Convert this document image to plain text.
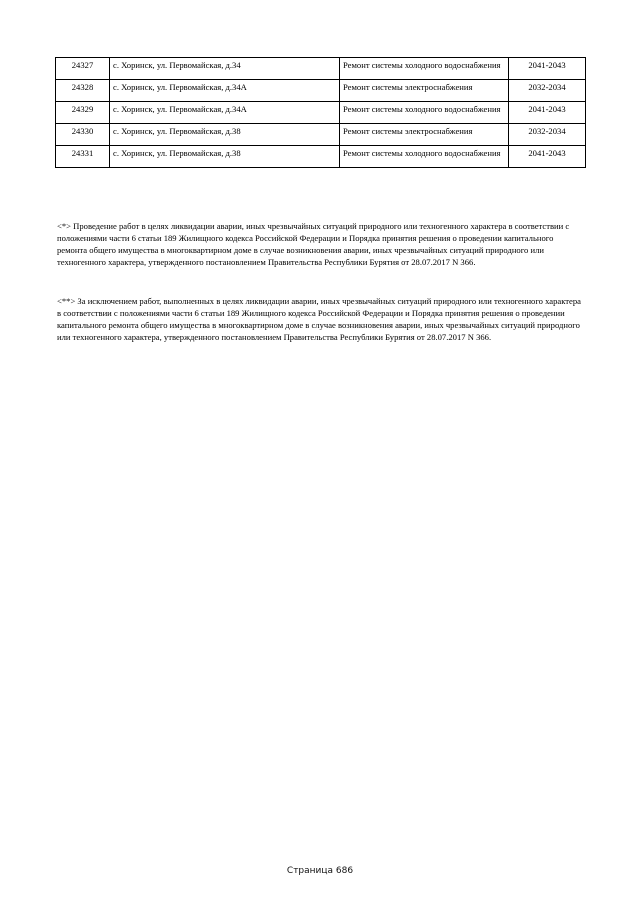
24327	с. Хоринск, ул. Первомайская, д.34	Ремонт системы холодного водоснабжения	2041-2043
24328	с. Хоринск, ул. Первомайская, д.34А	Ремонт системы электроснабжения	2032-2034
24329	с. Хоринск, ул. Первомайская, д.34А	Ремонт системы холодного водоснабжения	2041-2043
24330	с. Хоринск, ул. Первомайская, д.38	Ремонт системы электроснабжения	2032-2034
24331	с. Хоринск, ул. Первомайская, д.38	Ремонт системы холодного водоснабжения	2041-2043

<*> Проведение работ в целях ликвидации аварии, иных чрезвычайных ситуаций природного или техногенного характера в соответствии с положениями части 6 статьи 189 Жилищного кодекса Российской Федерации и Порядка принятия решения о проведении капитального ремонта общего имущества в многоквартирном доме в случае возникновения аварии, иных чрезвычайных ситуаций природного или техногенного характера, утвержденного постановлением Правительства Республики Бурятия от 28.07.2017 N 366.

<**> За исключением работ, выполненных в целях ликвидации аварии, иных чрезвычайных ситуаций природного или техногенного характера в соответствии с положениями части 6 статьи 189 Жилищного кодекса Российской Федерации и Порядка принятия решения о проведении капитального ремонта общего имущества в многоквартирном доме в случае возникновения аварии, иных чрезвычайных ситуаций природного или техногенного характера, утвержденного постановлением Правительства Республики Бурятия от 28.07.2017 N 366.

Страница 686
